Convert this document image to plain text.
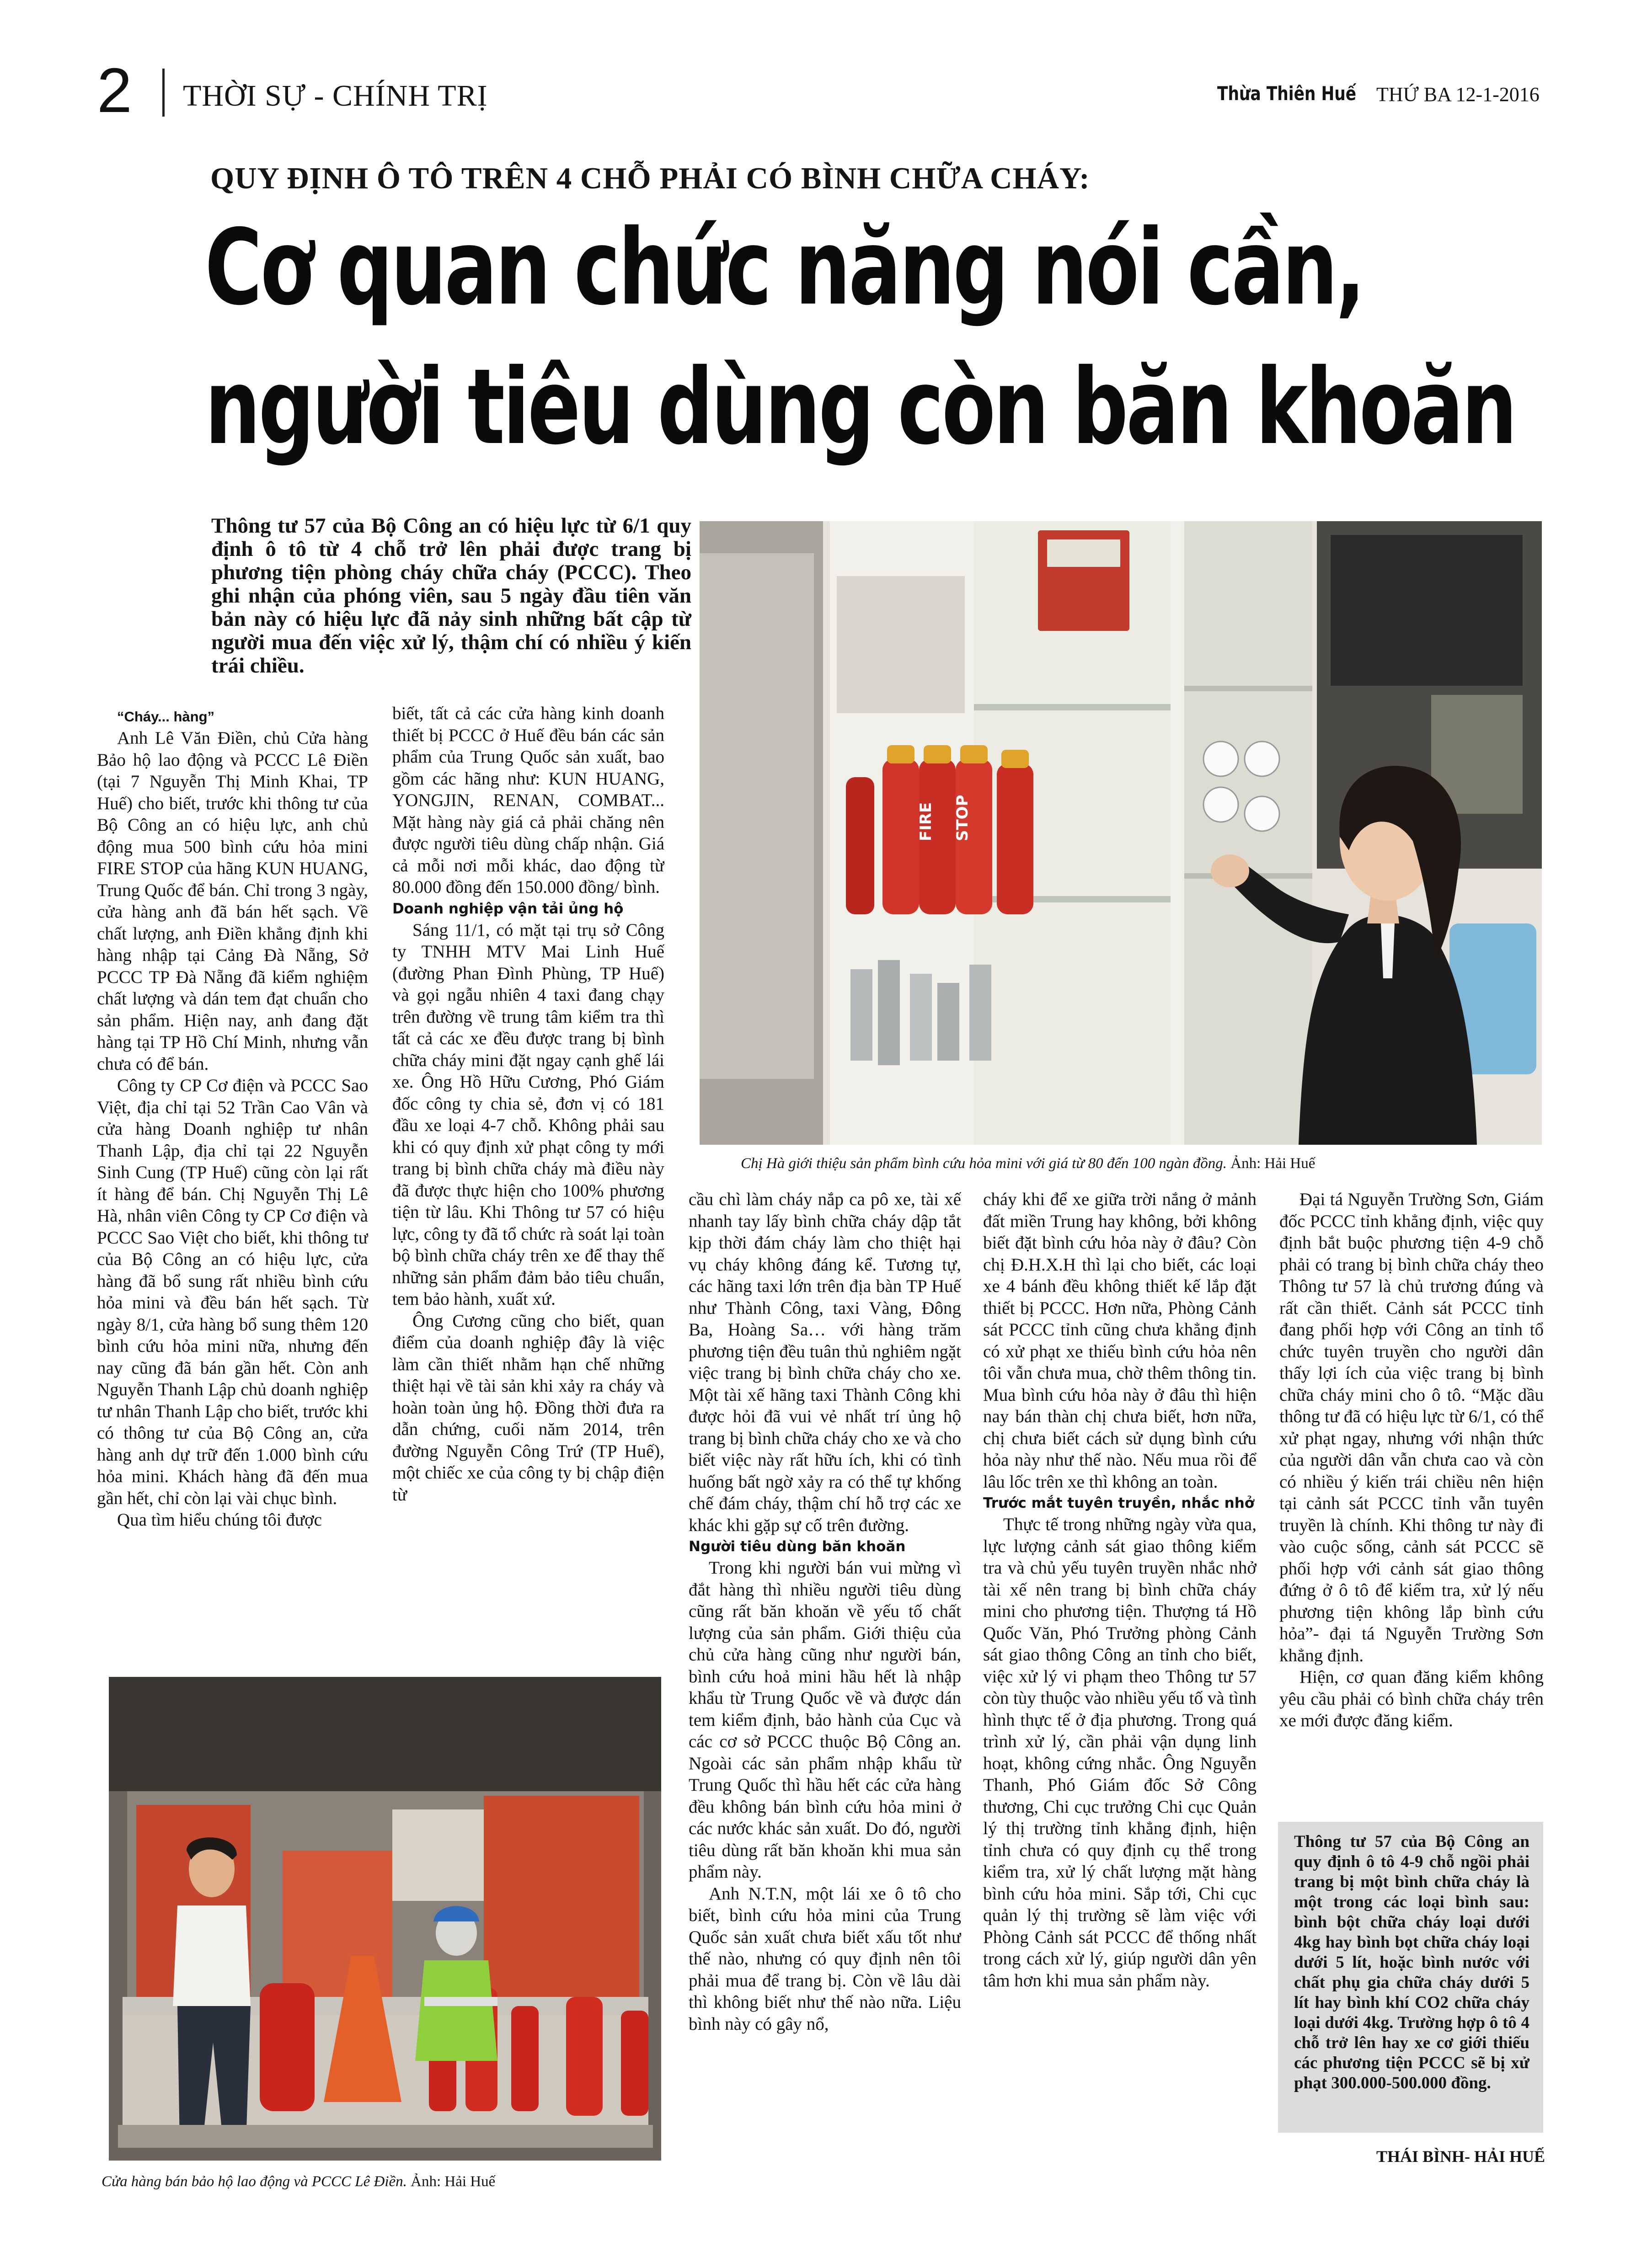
2 THỜI SỰ - CHÍNH TRỊ	Thừa Thiên Huế THỨ BA 12-1-2016
QUY ĐỊNH Ô TÔ TRÊN 4 CHỖ PHẢI CÓ BÌNH CHỮA CHÁY:
Cơ quan chức năng nói cần,
người tiêu dùng còn băn khoăn
Thông tư 57 của Bộ Công an có hiệu lực từ 6/1 quy định ô tô từ 4 chỗ trở lên phải được trang bị phương tiện phòng cháy chữa cháy (PCCC). Theo ghi nhận của phóng viên, sau 5 ngày đầu tiên văn bản này có hiệu lực đã nảy sinh những bất cập từ người mua đến việc xử lý, thậm chí có nhiều ý kiến trái chiều.
FIRE STOP
Chị Hà giới thiệu sản phẩm bình cứu hỏa mini với giá từ 80 đến 100 ngàn đồng. Ảnh: Hải Huế

“Cháy... hàng”

Anh Lê Văn Điền, chủ Cửa hàng Bảo hộ lao động và PCCC Lê Điền (tại 7 Nguyễn Thị Minh Khai, TP Huế) cho biết, trước khi thông tư của Bộ Công an có hiệu lực, anh chủ động mua 500 bình cứu hỏa mini FIRE STOP của hãng KUN HUANG, Trung Quốc để bán. Chỉ trong 3 ngày, cửa hàng anh đã bán hết sạch. Về chất lượng, anh Điền khẳng định khi hàng nhập tại Cảng Đà Nẵng, Sở PCCC TP Đà Nẵng đã kiểm nghiệm chất lượng và dán tem đạt chuẩn cho sản phẩm. Hiện nay, anh đang đặt hàng tại TP Hồ Chí Minh, nhưng vẫn chưa có để bán.

Công ty CP Cơ điện và PCCC Sao Việt, địa chỉ tại 52 Trần Cao Vân và cửa hàng Doanh nghiệp tư nhân Thanh Lập, địa chỉ tại 22 Nguyễn Sinh Cung (TP Huế) cũng còn lại rất ít hàng để bán. Chị Nguyễn Thị Lê Hà, nhân viên Công ty CP Cơ điện và PCCC Sao Việt cho biết, khi thông tư của Bộ Công an có hiệu lực, cửa hàng đã bổ sung rất nhiều bình cứu hỏa mini và đều bán hết sạch. Từ ngày 8/1, cửa hàng bổ sung thêm 120 bình cứu hỏa mini nữa, nhưng đến nay cũng đã bán gần hết. Còn anh Nguyễn Thanh Lập chủ doanh nghiệp tư nhân Thanh Lập cho biết, trước khi có thông tư của Bộ Công an, cửa hàng anh dự trữ đến 1.000 bình cứu hỏa mini. Khách hàng đã đến mua gần hết, chỉ còn lại vài chục bình.

Qua tìm hiểu chúng tôi được

biết, tất cả các cửa hàng kinh doanh thiết bị PCCC ở Huế đều bán các sản phẩm của Trung Quốc sản xuất, bao gồm các hãng như: KUN HUANG, YONGJIN, RENAN, COMBAT... Mặt hàng này giá cả phải chăng nên được người tiêu dùng chấp nhận. Giá cả mỗi nơi mỗi khác, dao động từ 80.000 đồng đến 150.000 đồng/ bình.

Doanh nghiệp vận tải ủng hộ

Sáng 11/1, có mặt tại trụ sở Công ty TNHH MTV Mai Linh Huế (đường Phan Đình Phùng, TP Huế) và gọi ngẫu nhiên 4 taxi đang chạy trên đường về trung tâm kiểm tra thì tất cả các xe đều được trang bị bình chữa cháy mini đặt ngay cạnh ghế lái xe. Ông Hồ Hữu Cương, Phó Giám đốc công ty chia sẻ, đơn vị có 181 đầu xe loại 4-7 chỗ. Không phải sau khi có quy định xử phạt công ty mới trang bị bình chữa cháy mà điều này đã được thực hiện cho 100% phương tiện từ lâu. Khi Thông tư 57 có hiệu lực, công ty đã tổ chức rà soát lại toàn bộ bình chữa cháy trên xe để thay thế những sản phẩm đảm bảo tiêu chuẩn, tem bảo hành, xuất xứ.

Ông Cương cũng cho biết, quan điểm của doanh nghiệp đây là việc làm cần thiết nhằm hạn chế những thiệt hại về tài sản khi xảy ra cháy và hoàn toàn ủng hộ. Đồng thời đưa ra dẫn chứng, cuối năm 2014, trên đường Nguyễn Công Trứ (TP Huế), một chiếc xe của công ty bị chập điện từ

Cửa hàng bán bảo hộ lao động và PCCC Lê Điền. Ảnh: Hải Huế

cầu chì làm cháy nắp ca pô xe, tài xế nhanh tay lấy bình chữa cháy dập tắt kịp thời đám cháy làm cho thiệt hại vụ cháy không đáng kể. Tương tự, các hãng taxi lớn trên địa bàn TP Huế như Thành Công, taxi Vàng, Đông Ba, Hoàng Sa… với hàng trăm phương tiện đều tuân thủ nghiêm ngặt việc trang bị bình chữa cháy cho xe. Một tài xế hãng taxi Thành Công khi được hỏi đã vui vẻ nhất trí ủng hộ trang bị bình chữa cháy cho xe và cho biết việc này rất hữu ích, khi có tình huống bất ngờ xảy ra có thể tự khống chế đám cháy, thậm chí hỗ trợ các xe khác khi gặp sự cố trên đường.

Người tiêu dùng băn khoăn

Trong khi người bán vui mừng vì đắt hàng thì nhiều người tiêu dùng cũng rất băn khoăn về yếu tố chất lượng của sản phẩm. Giới thiệu của chủ cửa hàng cũng như người bán, bình cứu hoả mini hầu hết là nhập khẩu từ Trung Quốc về và được dán tem kiểm định, bảo hành của Cục và các cơ sở PCCC thuộc Bộ Công an. Ngoài các sản phẩm nhập khẩu từ Trung Quốc thì hầu hết các cửa hàng đều không bán bình cứu hỏa mini ở các nước khác sản xuất. Do đó, người tiêu dùng rất băn khoăn khi mua sản phẩm này.

Anh N.T.N, một lái xe ô tô cho biết, bình cứu hỏa mini của Trung Quốc sản xuất chưa biết xấu tốt như thế nào, nhưng có quy định nên tôi phải mua để trang bị. Còn về lâu dài thì không biết như thế nào nữa. Liệu bình này có gây nổ,

cháy khi để xe giữa trời nắng ở mảnh đất miền Trung hay không, bởi không biết đặt bình cứu hỏa này ở đâu? Còn chị Đ.H.X.H thì lại cho biết, các loại xe 4 bánh đều không thiết kế lắp đặt thiết bị PCCC. Hơn nữa, Phòng Cảnh sát PCCC tỉnh cũng chưa khẳng định có xử phạt xe thiếu bình cứu hỏa nên tôi vẫn chưa mua, chờ thêm thông tin. Mua bình cứu hỏa này ở đâu thì hiện nay bán thàn chị chưa biết, hơn nữa, chị chưa biết cách sử dụng bình cứu hỏa này như thế nào. Nếu mua rồi để lâu lốc trên xe thì không an toàn.

Trước mắt tuyên truyền, nhắc nhở

Thực tế trong những ngày vừa qua, lực lượng cảnh sát giao thông kiểm tra và chủ yếu tuyên truyền nhắc nhở tài xế nên trang bị bình chữa cháy mini cho phương tiện. Thượng tá Hồ Quốc Văn, Phó Trưởng phòng Cảnh sát giao thông Công an tỉnh cho biết, việc xử lý vi phạm theo Thông tư 57 còn tùy thuộc vào nhiều yếu tố và tình hình thực tế ở địa phương. Trong quá trình xử lý, cần phải vận dụng linh hoạt, không cứng nhắc. Ông Nguyễn Thanh, Phó Giám đốc Sở Công thương, Chi cục trưởng Chi cục Quản lý thị trường tỉnh khẳng định, hiện tỉnh chưa có quy định cụ thể trong kiểm tra, xử lý chất lượng mặt hàng bình cứu hỏa mini. Sắp tới, Chi cục quản lý thị trường sẽ làm việc với Phòng Cảnh sát PCCC để thống nhất trong cách xử lý, giúp người dân yên tâm hơn khi mua sản phẩm này.

Đại tá Nguyễn Trường Sơn, Giám đốc PCCC tỉnh khẳng định, việc quy định bắt buộc phương tiện 4-9 chỗ phải có trang bị bình chữa cháy theo Thông tư 57 là chủ trương đúng và rất cần thiết. Cảnh sát PCCC tỉnh đang phối hợp với Công an tỉnh tổ chức tuyên truyền cho người dân thấy lợi ích của việc trang bị bình chữa cháy mini cho ô tô. “Mặc dầu thông tư đã có hiệu lực từ 6/1, có thể xử phạt ngay, nhưng với nhận thức của người dân vẫn chưa cao và còn có nhiều ý kiến trái chiều nên hiện tại cảnh sát PCCC tỉnh vẫn tuyên truyền là chính. Khi thông tư này đi vào cuộc sống, cảnh sát PCCC sẽ phối hợp với cảnh sát giao thông đứng ở ô tô để kiểm tra, xử lý nếu phương tiện không lắp bình cứu hỏa”- đại tá Nguyễn Trường Sơn khẳng định.

Hiện, cơ quan đăng kiểm không yêu cầu phải có bình chữa cháy trên xe mới được đăng kiểm.

Thông tư 57 của Bộ Công an quy định ô tô 4-9 chỗ ngồi phải trang bị một bình chữa cháy là một trong các loại bình sau: bình bột chữa cháy loại dưới 4kg hay bình bọt chữa cháy loại dưới 5 lít, hoặc bình nước với chất phụ gia chữa cháy dưới 5 lít hay bình khí CO2 chữa cháy loại dưới 4kg. Trường hợp ô tô 4 chỗ trở lên hay xe cơ giới thiếu các phương tiện PCCC sẽ bị xử phạt 300.000-500.000 đồng.
THÁI BÌNH- HẢI HUẾ
